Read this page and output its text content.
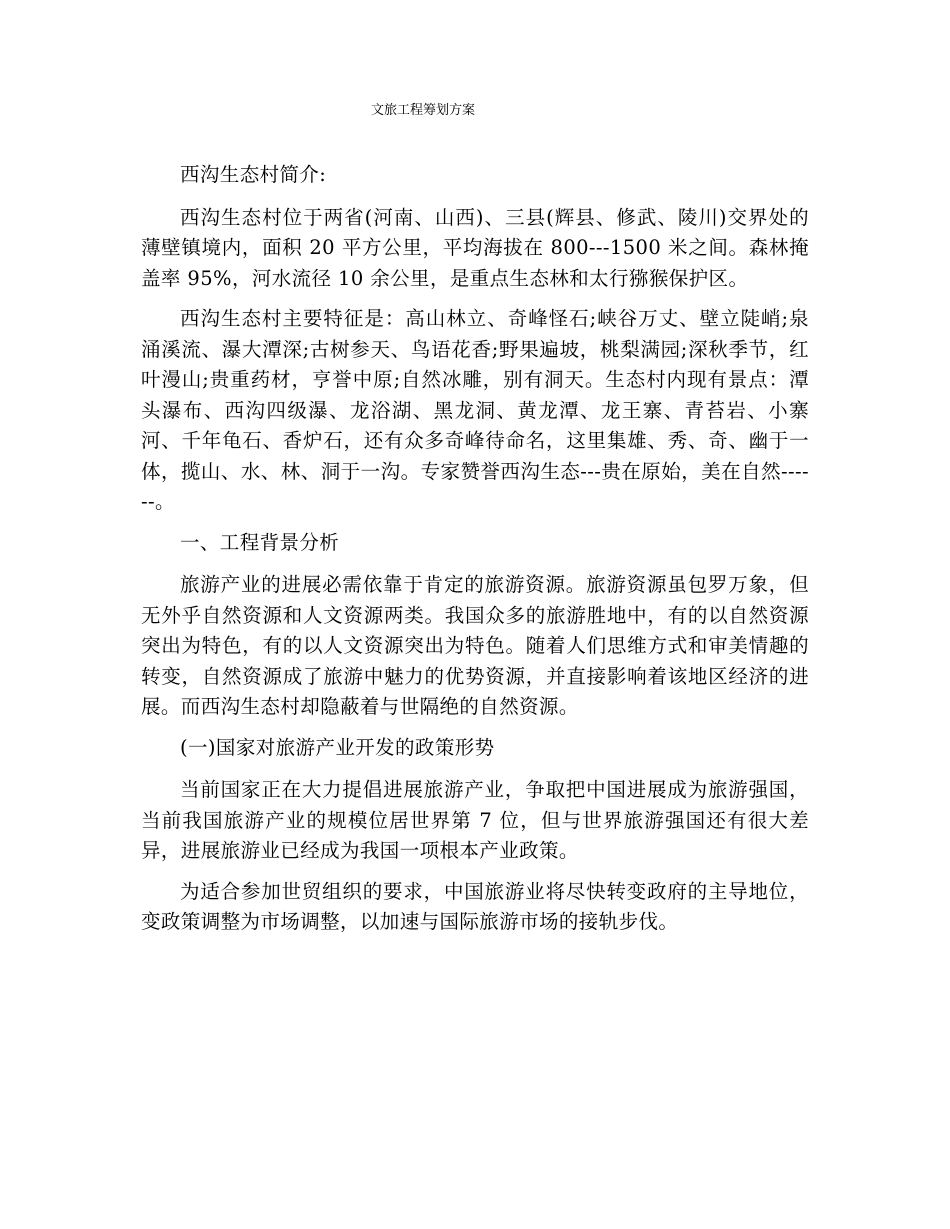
文旅工程筹划方案

西沟生态村简介:

西沟生态村位于两省(河南、山西)、三县(辉县、修武、陵川)交界处的薄壁镇境内，面积 20 平方公里，平均海拔在 800---1500 米之间。森林掩盖率 95%，河水流径 10 余公里，是重点生态林和太行猕猴保护区。

西沟生态村主要特征是：高山林立、奇峰怪石;峡谷万丈、壁立陡峭;泉涌溪流、瀑大潭深;古树参天、鸟语花香;野果遍坡，桃梨满园;深秋季节，红叶漫山;贵重药材，亨誉中原;自然冰雕，别有洞天。生态村内现有景点：潭头瀑布、西沟四级瀑、龙浴湖、黑龙洞、黄龙潭、龙王寨、青苔岩、小寨河、千年龟石、香炉石，还有众多奇峰待命名，这里集雄、秀、奇、幽于一体，揽山、水、林、洞于一沟。专家赞誉西沟生态---贵在原始，美在自然------。

一、工程背景分析

旅游产业的进展必需依靠于肯定的旅游资源。旅游资源虽包罗万象，但无外乎自然资源和人文资源两类。我国众多的旅游胜地中，有的以自然资源突出为特色，有的以人文资源突出为特色。随着人们思维方式和审美情趣的转变，自然资源成了旅游中魅力的优势资源，并直接影响着该地区经济的进展。而西沟生态村却隐蔽着与世隔绝的自然资源。

(一)国家对旅游产业开发的政策形势

当前国家正在大力提倡进展旅游产业，争取把中国进展成为旅游强国，当前我国旅游产业的规模位居世界第 7 位，但与世界旅游强国还有很大差异，进展旅游业已经成为我国一项根本产业政策。

为适合参加世贸组织的要求，中国旅游业将尽快转变政府的主导地位，变政策调整为市场调整，以加速与国际旅游市场的接轨步伐。
